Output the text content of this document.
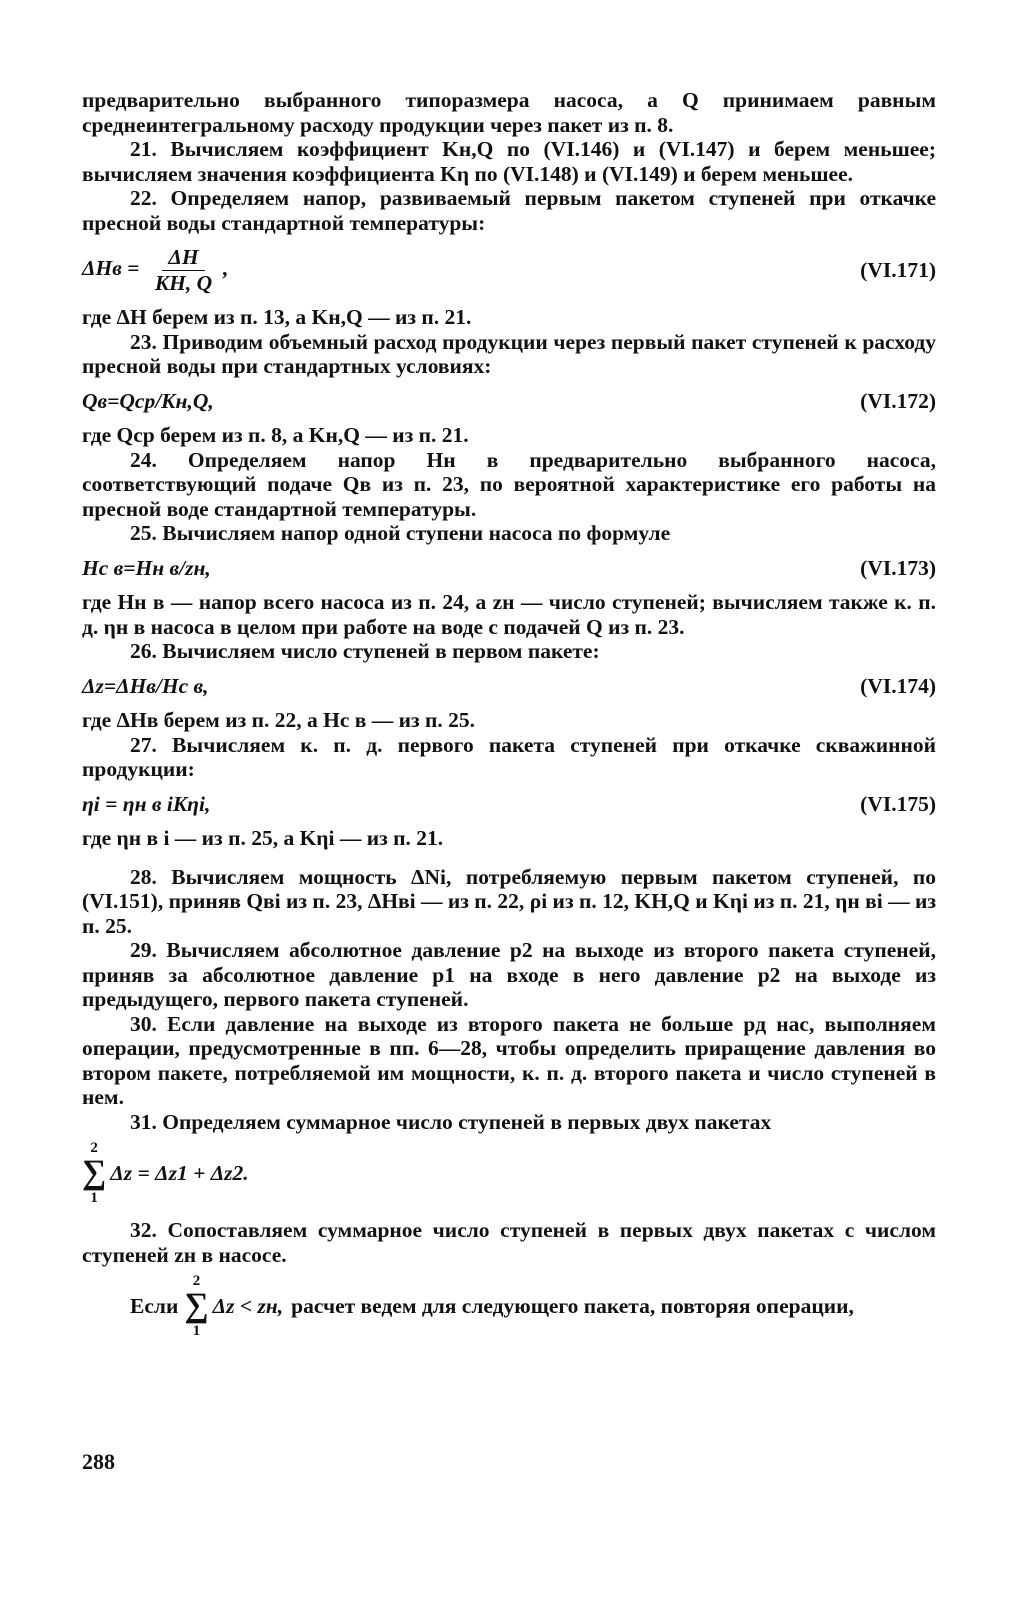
предварительно выбранного типоразмера насоса, а Q принимаем равным среднеинтегральному расходу продукции через пакет из п. 8.

21. Вычисляем коэффициент Kн,Q по (VI.146) и (VI.147) и берем меньшее; вычисляем значения коэффициента Kη по (VI.148) и (VI.149) и берем меньшее.

22. Определяем напор, развиваемый первым пакетом ступеней при откачке пресной воды стандартной температуры:

$\Delta Hв = \frac{\Delta H}{KH, Q}$ ,	(VI.171)

где ΔH берем из п. 13, а Kн,Q — из п. 21.

23. Приводим объемный расход продукции через первый пакет ступеней к расходу пресной воды при стандартных условиях:

Qв=Qср/Kн,Q,	(VI.172)

где Qср берем из п. 8, а Kн,Q — из п. 21.

24. Определяем напор Hн в предварительно выбранного насоса, соответствующий подаче Qв из п. 23, по вероятной характеристике его работы на пресной воде стандартной температуры.

25. Вычисляем напор одной ступени насоса по формуле

Hс в=Hн в/zн,	(VI.173)

где Hн в — напор всего насоса из п. 24, а zн — число ступеней; вычисляем также к. п. д. ηн в насоса в целом при работе на воде с подачей Q из п. 23.

26. Вычисляем число ступеней в первом пакете:

Δz=ΔHв/Hс в,	(VI.174)

где ΔHв берем из п. 22, а Hс в — из п. 25.

27. Вычисляем к. п. д. первого пакета ступеней при откачке скважинной продукции:

ηi = ηн в iKηi,	(VI.175)

где ηн в i — из п. 25, а Kηi — из п. 21.

28. Вычисляем мощность ΔNi, потребляемую первым пакетом ступеней, по (VI.151), приняв Qвi из п. 23, ΔHвi — из п. 22, ρi из п. 12, KH,Q и Kηi из п. 21, ηн вi — из п. 25.

29. Вычисляем абсолютное давление p2 на выходе из второго пакета ступеней, приняв за абсолютное давление p1 на входе в него давление p2 на выходе из предыдущего, первого пакета ступеней.

30. Если давление на выходе из второго пакета не больше pд нас, выполняем операции, предусмотренные в пп. 6—28, чтобы определить приращение давления во втором пакете, потребляемой им мощности, к. п. д. второго пакета и число ступеней в нем.

31. Определяем суммарное число ступеней в первых двух пакетах

2
∑
1
Δz = Δz1 + Δz2.

32. Сопоставляем суммарное число ступеней в первых двух пакетах с числом ступеней zн в насосе.

Если
2
∑
1
Δz < zн, расчет ведем для следующего пакета, повторяя операции,
288
